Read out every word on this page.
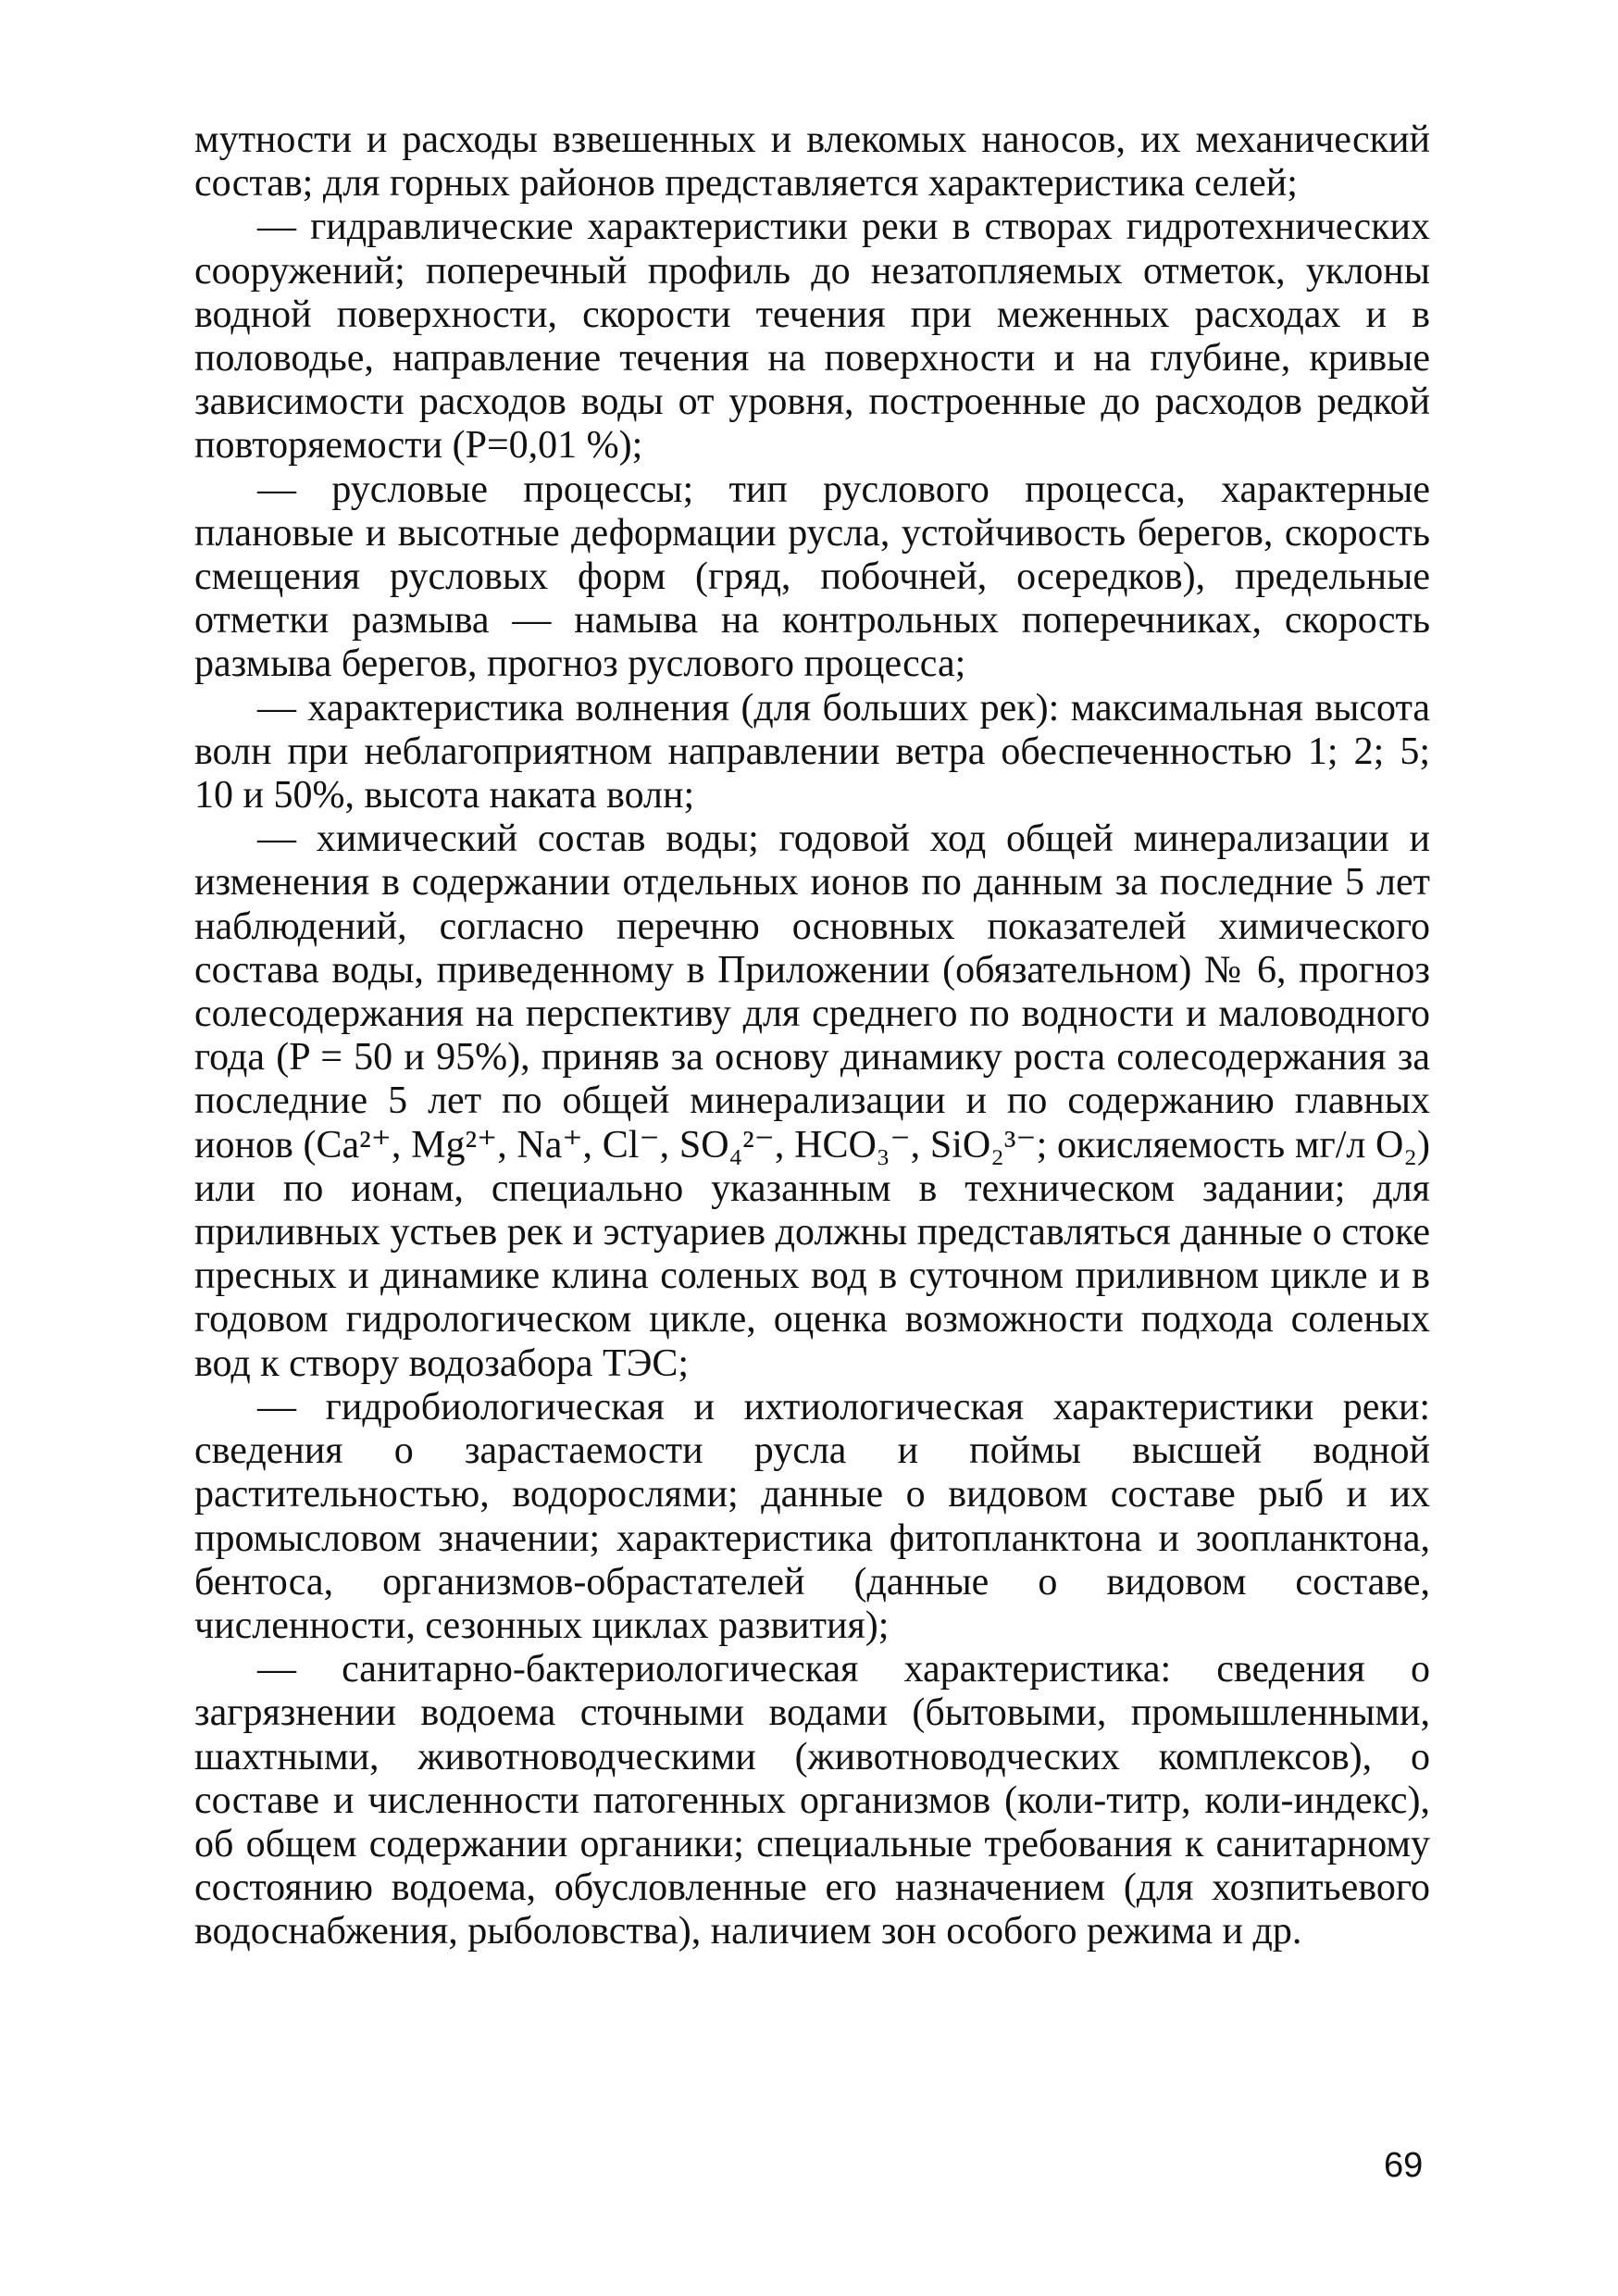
мутности и расходы взвешенных и влекомых наносов, их механический состав; для горных районов представляется характеристика селей;

— гидравлические характеристики реки в створах гидротехнических сооружений; поперечный профиль до незатопляемых отметок, уклоны водной поверхности, скорости течения при меженных расходах и в половодье, направление течения на поверхности и на глубине, кривые зависимости расходов воды от уровня, построенные до расходов редкой повторяемости (P=0,01 %);

— русловые процессы; тип руслового процесса, характерные плановые и высотные деформации русла, устойчивость берегов, скорость смещения русловых форм (гряд, побочней, осередков), предельные отметки размыва — намыва на контрольных поперечниках, скорость размыва берегов, прогноз руслового процесса;

— характеристика волнения (для больших рек): максимальная высота волн при неблагоприятном направлении ветра обеспеченностью 1; 2; 5; 10 и 50%, высота наката волн;

— химический состав воды; годовой ход общей минерализации и изменения в содержании отдельных ионов по данным за последние 5 лет наблюдений, согласно перечню основных показателей химического состава воды, приведенному в Приложении (обязательном) № 6, прогноз солесодержания на перспективу для среднего по водности и маловодного года (P = 50 и 95%), приняв за основу динамику роста солесодержания за последние 5 лет по общей минерализации и по содержанию главных ионов (Ca²⁺, Mg²⁺, Na⁺, Cl⁻, SO₄²⁻, HCO₃⁻, SiO₂³⁻; окисляемость мг/л O₂) или по ионам, специально указанным в техническом задании; для приливных устьев рек и эстуариев должны представляться данные о стоке пресных и динамике клина соленых вод в суточном приливном цикле и в годовом гидрологическом цикле, оценка возможности подхода соленых вод к створу водозабора ТЭС;

— гидробиологическая и ихтиологическая характеристики реки: сведения о зарастаемости русла и поймы высшей водной растительностью, водорослями; данные о видовом составе рыб и их промысловом значении; характеристика фитопланктона и зоопланктона, бентоса, организмов-обрастателей (данные о видовом составе, численности, сезонных циклах развития);

— санитарно-бактериологическая характеристика: сведения о загрязнении водоема сточными водами (бытовыми, промышленными, шахтными, животноводческими (животноводческих комплексов), о составе и численности патогенных организмов (коли-титр, коли-индекс), об общем содержании органики; специальные требования к санитарному состоянию водоема, обусловленные его назначением (для хозпитьевого водоснабжения, рыболовства), наличием зон особого режима и др.

69
